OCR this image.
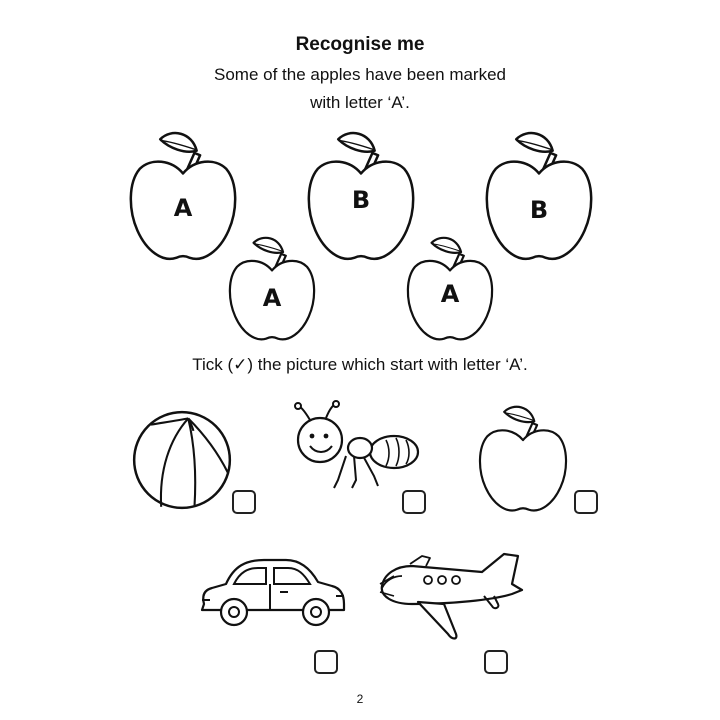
Recognise me

Some of the apples have been marked

with letter ‘A’.

A	B	B
A	A

Tick (✓) the picture which start with letter ‘A’.

2
